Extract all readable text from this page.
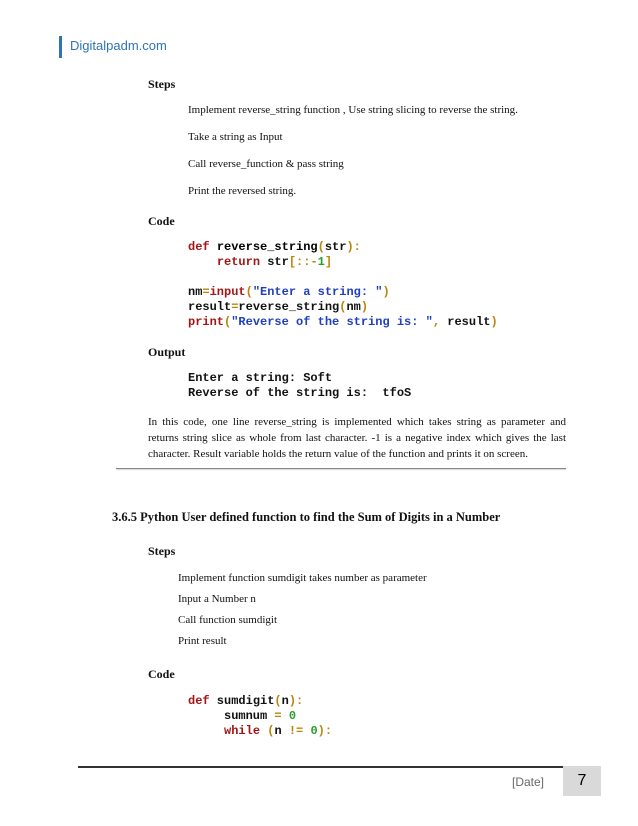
Digitalpadm.com
Steps
Implement reverse_string function , Use string slicing to reverse the string.
Take a string as Input
Call reverse_function & pass string
Print the reversed string.
Code
def reverse_string(str):
return str[::-1]

nm=input("Enter a string: ")
result=reverse_string(nm)
print("Reverse of the string is: ", result)
Output
Enter a string: Soft
Reverse of the string is:  tfoS
In this code, one line reverse_string is implemented which takes string as parameter and returns string slice as whole from last character. -1 is a negative index which gives the last character. Result variable holds the return value of the function and prints it on screen.
3.6.5 Python User defined function to find the Sum of Digits in a Number
Steps
Implement function sumdigit takes number as parameter
Input a Number n
Call function sumdigit
Print result
Code
def sumdigit(n):
sumnum = 0
while (n != 0):
[Date]	7
